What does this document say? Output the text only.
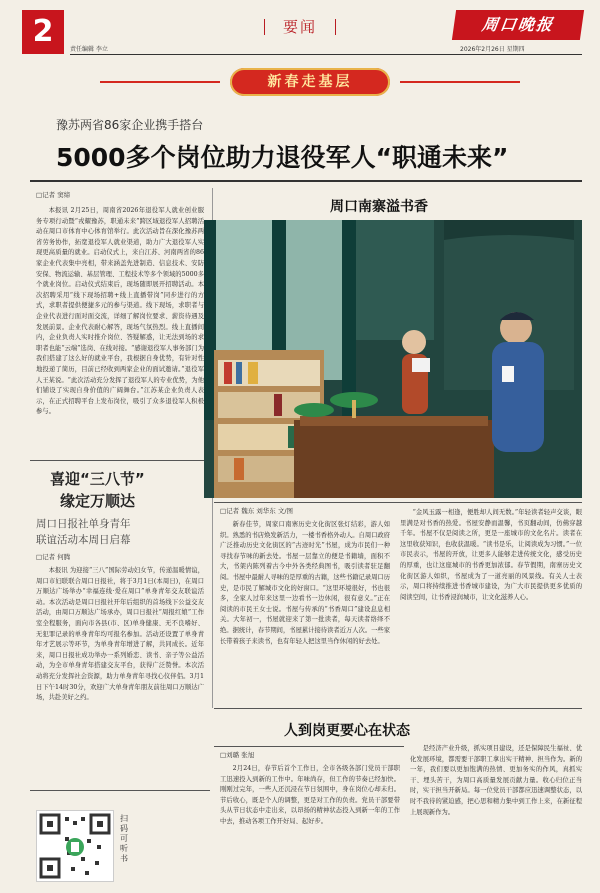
2
责任编辑 李立
要闻	周口晚报
2026年2月26日 星期四
新春走基层
豫苏两省86家企业携手搭台
5000多个岗位助力退役军人“职通未来”
□记者 窦缔
本报讯 2月25日，周南省2026年退役军人就业创业服务专项行动暨“戎耀豫苏，职通未来”跨区域退役军人招聘活动在周口市体育中心体育馆举行。此次活动旨在深化豫苏两省劳务协作，拓宽退役军人就业渠道，助力广大退役军人实现更高质量的就业。启动仪式上，来自江苏、河南两省的86家企业代表集中亮相，带来涵盖先进制造、信息技术、安防安保、物流运输、基层管理、工程技术等多个领域的5000多个就业岗位。启动仪式结束后，现场随即展开招聘活动。本次招聘采用“线下现场招聘+线上直播带岗”同步进行的方式，求职者提供便捷多元的参与渠道。线下现场，求职者与企业代表进行面对面交流，详细了解岗位要求、薪资待遇及发展前景。企业代表耐心解答，现场气氛热烈。线上直播间内，企业负责人实时推介岗位、答疑解惑，让无法到场的求职者也能“云端”选岗、在线对接。“感谢退役军人事务部门为我们搭建了这么好的就业平台，我根据自身优势，有针对性地投递了简历，目前已经收到两家企业的面试邀请。”退役军人王某说。“此次活动充分发挥了退役军人的专业优势，为他们铺设了实现自身价值的广阔舞台。”江苏某企业负责人表示，在正式招聘平台上发布岗位，吸引了众多退役军人积极参与。
喜迎“三八节”
缘定万顺达
周口日报社单身青年
联谊活动本周日启幕
□记者 何腾
本报讯 为迎接“三八”国际劳动妇女节，传递温暖情谊，周口市妇联联合周口日报社，将于3月1日(本周日)，在周口万顺达广场举办“幸福连线·爱在周口”单身青年交友联谊活动。本次活动是周口日报社开年后组织的首场线下公益交友活动，由周口万顺达广场承办，周口日报社“周报红娘”工作室全程服务，面向市各县(市、区)单身健康、无不良嗜好、无犯罪记录的单身青年均可报名参加。活动还设置了单身青年才艺展示等环节，为单身青年增进了解，共同成长。近年来，周口日报社成功举办一系列婚恋、读书、亲子等公益活动，为全市单身青年搭建交友平台，获得广泛赞誉。本次活动将充分发挥社会资源，助力单身青年寻找心仪伴侣。3月1日下午14时30分，欢迎广大单身青年朋友前往周口万顺达广场，共赴美好之约。
扫码可听书
周口南寨溢书香
□记者 魏东 刘华东 文/图
新春佳节，周家口南寨历史文化街区张灯结彩，游人如织。熟悉的书店焕发新活力，一楼书香格外动人。自周口政府广泛推动历史文化街区的“古迹时光”书屋，成为市民们一种寻找春节味的新去处。书屋一层靠立的便是书籍墙，面积不大，书架内陈列着古今中外各类经典图书，吸引读者驻足翻阅。书屋中最耐人寻味的是厚重的古籍，这些书籍记录周口历史，是市民了解城市文化的好窗口。“这里环境很好，书也很多，全家人过年来这里一边看书一边休闲，很有意义。”正在阅读的市民王女士说。书屋与传承的“书香周口”建设息息相关。大年初一，书屋就迎来了第一批读者，每天读者络绎不绝。据统计，春节期间，书屋累计接待读者近万人次。一些家长带着孩子来读书，也有年轻人把这里当作休闲的好去处。
“金风玉露一相逢，便胜却人间无数。”年轻读者轻声交谈，眼里满是对书香的热爱。书屋安静而温馨，书页翻动间，仿佛穿越千年。书屋不仅是阅读之所，更是一座城市的文化名片。读者在这里收获知识，也收获温暖。“读书是乐，让阅读成为习惯。”一位市民表示，书屋的开放，让更多人能够走进传统文化，感受历史的厚重，也让这座城市的书香更加浓郁。春节假期，南寨历史文化街区游人如织，书屋成为了一道亮丽的风景线。有关人士表示，周口将持续推进书香城市建设，为广大市民提供更多优质的阅读空间，让书香浸润城市，让文化滋养人心。
人到岗更要心在状态
□刘璐 张旭
2月24日，春节后首个工作日，全市各级各部门党员干部职工迅速投入到新的工作中。年味尚存，但工作的节奏已经加快。刚刚过完年，一些人还沉浸在节日氛围中，身在岗位心却未归。节后收心，既是个人的调整，更是对工作的负责。党员干部要带头从节日状态中走出来，以昂扬的精神状态投入到新一年的工作中去，推动各项工作开好局、起好步。
是经济产业升级，抓实项目建设，还是保障民生福祉、优化发展环境，都需要干部职工拿出实干精神、担当作为。新的一年，我们要以更加饱满的热情、更加务实的作风，真抓实干、埋头苦干，为周口高质量发展贡献力量。收心归位正当时，实干担当开新局。每一位党员干部都应迅速调整状态，以时不我待的紧迫感，把心思和精力集中到工作上来，在新征程上展现新作为。
